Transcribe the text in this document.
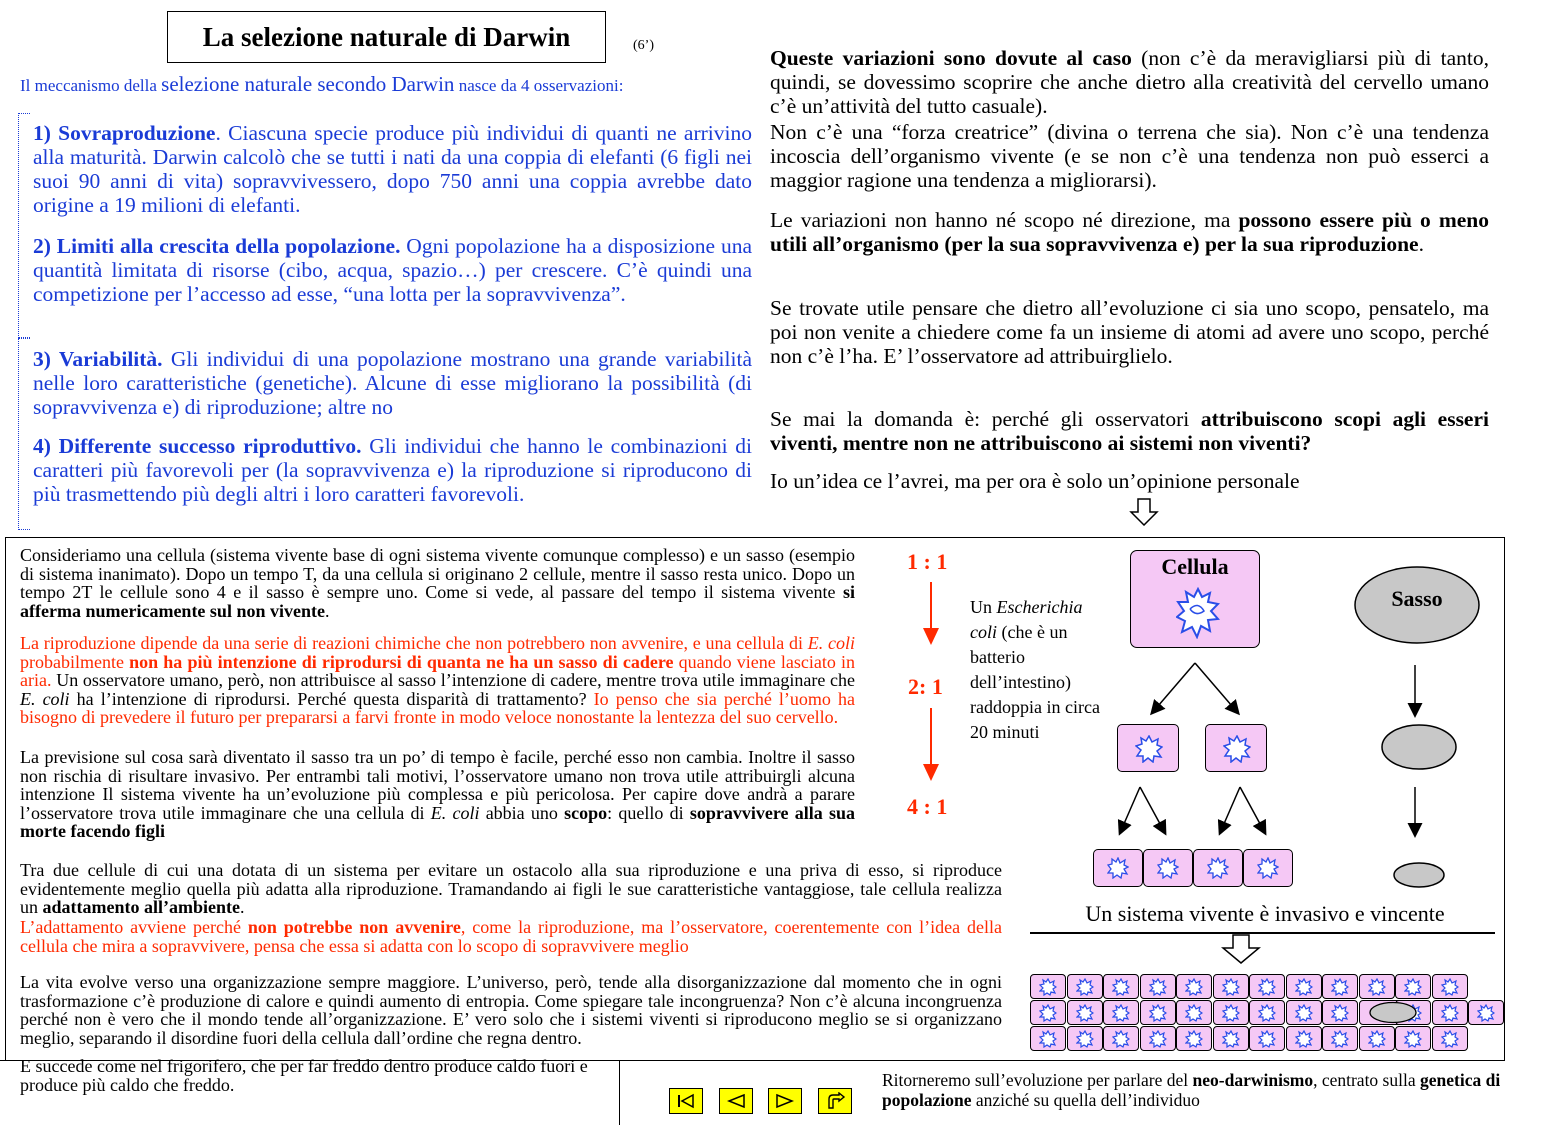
La selezione naturale di Darwin	(6’)
Il meccanismo della selezione naturale secondo Darwin nasce da 4 osservazioni:
1) Sovraproduzione. Ciascuna specie produce più individui di quanti ne arrivino alla maturità. Darwin calcolò che se tutti i nati da una coppia di elefanti (6 figli nei suoi 90 anni di vita) sopravvivessero, dopo 750 anni una coppia avrebbe dato origine a 19 milioni di elefanti.
2) Limiti alla crescita della popolazione. Ogni popolazione ha a disposizione una quantità limitata di risorse (cibo, acqua, spazio…) per crescere. C’è quindi una competizione per l’accesso ad esse, “una lotta per la sopravvivenza”.
3) Variabilità. Gli individui di una popolazione mostrano una grande variabilità nelle loro caratteristiche (genetiche). Alcune di esse migliorano la possibilità (di sopravvivenza e) di riproduzione; altre no
4) Differente successo riproduttivo. Gli individui che hanno le combinazioni di caratteri più favorevoli per (la sopravvivenza e) la riproduzione si riproducono di più trasmettendo più degli altri i loro caratteri favorevoli.
Queste variazioni sono dovute al caso (non c’è da meravigliarsi più di tanto, quindi, se dovessimo scoprire che anche dietro alla creatività del cervello umano c’è un’attività del tutto casuale).
Non c’è una “forza creatrice” (divina o terrena che sia). Non c’è una tendenza incoscia dell’organismo vivente (e se non c’è una tendenza non può esserci a maggior ragione una tendenza a migliorarsi).
Le variazioni non hanno né scopo né direzione, ma possono essere più o meno utili all’organismo (per la sua sopravvivenza e) per la sua riproduzione.
Se trovate utile pensare che dietro all’evoluzione ci sia uno scopo, pensatelo, ma poi non venite a chiedere come fa un insieme di atomi ad avere uno scopo, perché non c’è l’ha. E’ l’osservatore ad attribuirglielo.
Se mai la domanda è: perché gli osservatori attribuiscono scopi agli esseri viventi, mentre non ne attribuiscono ai sistemi non viventi?
Io un’idea ce l’avrei, ma per ora è solo un’opinione personale
Consideriamo una cellula (sistema vivente base di ogni sistema vivente comunque complesso) e un sasso (esempio di sistema inanimato). Dopo un tempo T, da una cellula si originano 2 cellule, mentre il sasso resta unico. Dopo un tempo 2T le cellule sono 4 e il sasso è sempre uno. Come si vede, al passare del tempo il sistema vivente si afferma numericamente sul non vivente.
La riproduzione dipende da una serie di reazioni chimiche che non potrebbero non avvenire, e una cellula di E. coli probabilmente non ha più intenzione di riprodursi di quanta ne ha un sasso di cadere quando viene lasciato in aria. Un osservatore umano, però, non attribuisce al sasso l’intenzione di cadere, mentre trova utile immaginare che E. coli ha l’intenzione di riprodursi. Perché questa disparità di trattamento? Io penso che sia perché l’uomo ha bisogno di prevedere il futuro per prepararsi a farvi fronte in modo veloce nonostante la lentezza del suo cervello.
La previsione sul cosa sarà diventato il sasso tra un po’ di tempo è facile, perché esso non cambia. Inoltre il sasso non rischia di risultare invasivo. Per entrambi tali motivi, l’osservatore umano non trova utile attribuirgli alcuna intenzione Il sistema vivente ha un’evoluzione più complessa e più pericolosa. Per capire dove andrà a parare l’osservatore trova utile immaginare che una cellula di E. coli abbia uno scopo: quello di sopravvivere alla sua morte facendo figli
Tra due cellule di cui una dotata di un sistema per evitare un ostacolo alla sua riproduzione e una priva di esso, si riproduce evidentemente meglio quella più adatta alla riproduzione. Tramandando ai figli le sue caratteristiche vantaggiose, tale cellula realizza un adattamento all’ambiente.
L’adattamento avviene perché non potrebbe non avvenire, come la riproduzione, ma l’osservatore, coerentemente con l’idea della cellula che mira a sopravvivere, pensa che essa si adatta con lo scopo di sopravvivere meglio
La vita evolve verso una organizzazione sempre maggiore. L’universo, però, tende alla disorganizzazione dal momento che in ogni trasformazione c’è produzione di calore e quindi aumento di entropia. Come spiegare tale incongruenza? Non c’è alcuna incongruenza perché non è vero che il mondo tende all’organizzazione. E’ vero solo che i sistemi viventi si riproducono meglio se si organizzano meglio, separando il disordine fuori della cellula dall’ordine che regna dentro.
E succede come nel frigorifero, che per far freddo dentro produce caldo fuori e produce più caldo che freddo.
1 : 1
2: 1
4 : 1
Un Escherichia coli (che è un batterio dell’intestino) raddoppia in circa 20 minuti
Cellula
Sasso
Un sistema vivente è invasivo e vincente
Ritorneremo sull’evoluzione per parlare del neo-darwinismo, centrato sulla genetica di popolazione anziché su quella dell’individuo
